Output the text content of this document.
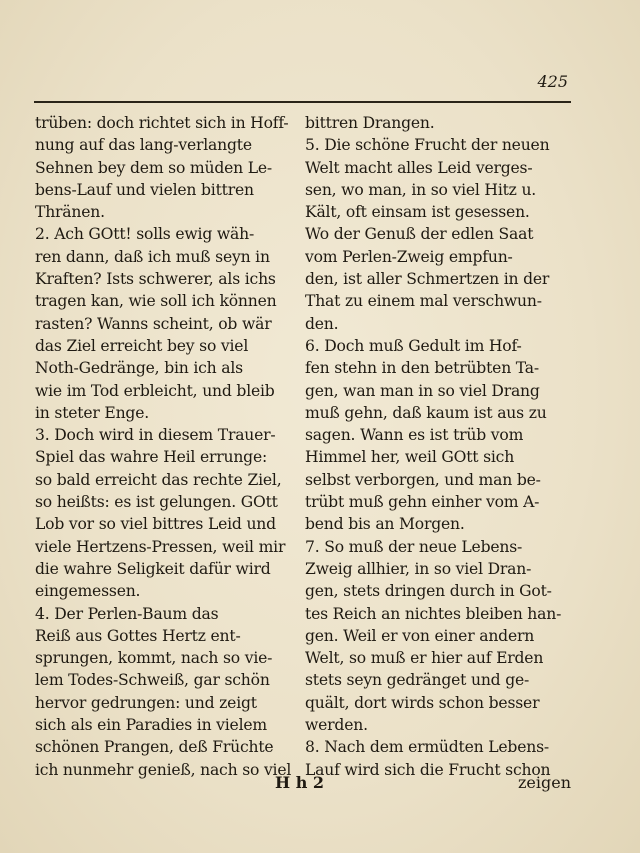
425
trüben: doch richtet sich in Hoff-
nung auf das lang-verlangte
Sehnen bey dem so müden Le-
bens-Lauf und vielen bittren
Thränen.
2. Ach GOtt! solls ewig wäh-
ren dann, daß ich muß seyn in
Kraften? Ists schwerer, als ichs
tragen kan, wie soll ich können
rasten? Wanns scheint, ob wär
das Ziel erreicht bey so viel
Noth-Gedränge, bin ich als
wie im Tod erbleicht, und bleib
in steter Enge.
3. Doch wird in diesem Trauer-
Spiel das wahre Heil errunge:
so bald erreicht das rechte Ziel,
so heißts: es ist gelungen. GOtt
Lob vor so viel bittres Leid und
viele Hertzens-Pressen, weil mir
die wahre Seligkeit dafür wird
eingemessen.
4. Der Perlen-Baum das
Reiß aus Gottes Hertz ent-
sprungen, kommt, nach so vie-
lem Todes-Schweiß, gar schön
hervor gedrungen: und zeigt
sich als ein Paradies in vielem
schönen Prangen, deß Früchte
ich nunmehr genieß, nach so viel
bittren Drangen.
5. Die schöne Frucht der neuen
Welt macht alles Leid verges-
sen, wo man, in so viel Hitz u.
Kält, oft einsam ist gesessen.
Wo der Genuß der edlen Saat
vom Perlen-Zweig empfun-
den, ist aller Schmertzen in der
That zu einem mal verschwun-
den.
6. Doch muß Gedult im Hof-
fen stehn in den betrübten Ta-
gen, wan man in so viel Drang
muß gehn, daß kaum ist aus zu
sagen. Wann es ist trüb vom
Himmel her, weil GOtt sich
selbst verborgen, und man be-
trübt muß gehn einher vom A-
bend bis an Morgen.
7. So muß der neue Lebens-
Zweig allhier, in so viel Dran-
gen, stets dringen durch in Got-
tes Reich an nichtes bleiben han-
gen. Weil er von einer andern
Welt, so muß er hier auf Erden
stets seyn gedränget und ge-
quält, dort wirds schon besser
werden.
8. Nach dem ermüdten Lebens-
Lauf wird sich die Frucht schon
H h 2	zeigen
